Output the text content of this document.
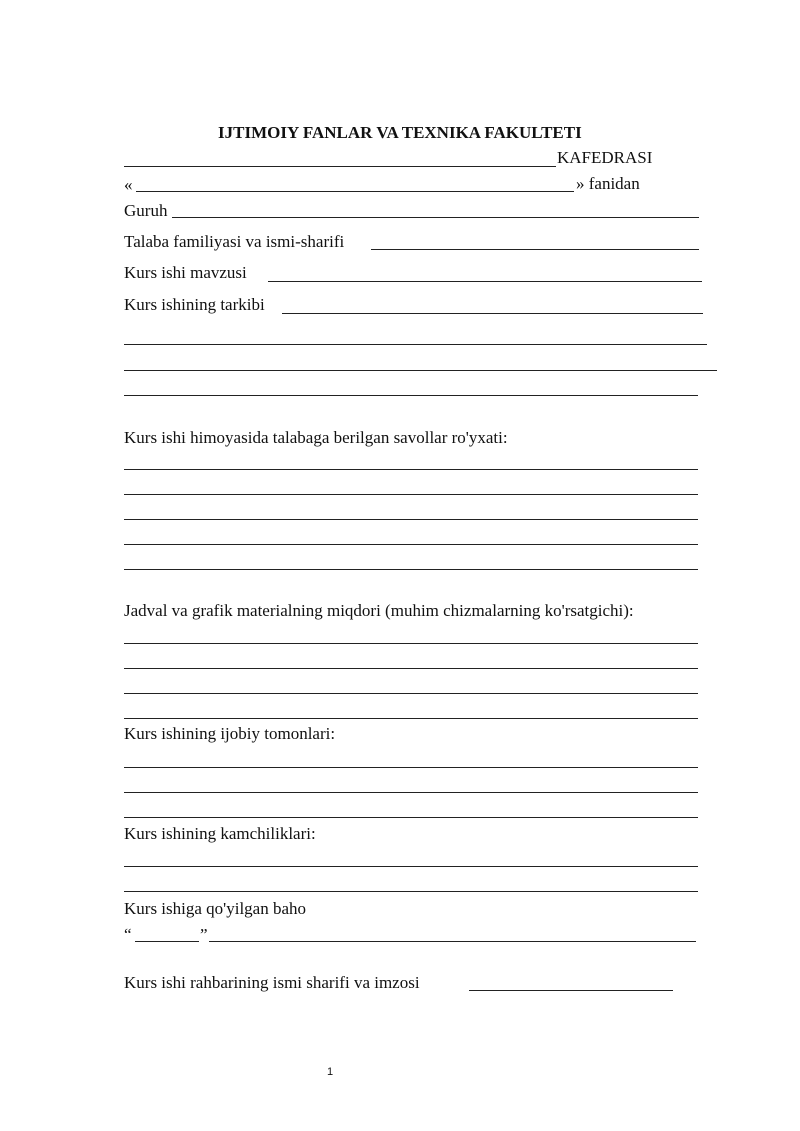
IJTIMOIY FANLAR VA TEXNIKA FAKULTETI
KAFEDRASI
«	» fanidan
Guruh
Talaba familiyasi va ismi-sharifi
Kurs ishi mavzusi
Kurs ishining tarkibi
Kurs ishi himoyasida talabaga berilgan savollar ro'yxati:
Jadval va grafik materialning miqdori (muhim chizmalarning ko'rsatgichi):
Kurs ishining ijobiy tomonlari:
Kurs ishining kamchiliklari:
Kurs ishiga qo'yilgan baho
“	”
Kurs ishi rahbarining ismi sharifi va imzosi
1
